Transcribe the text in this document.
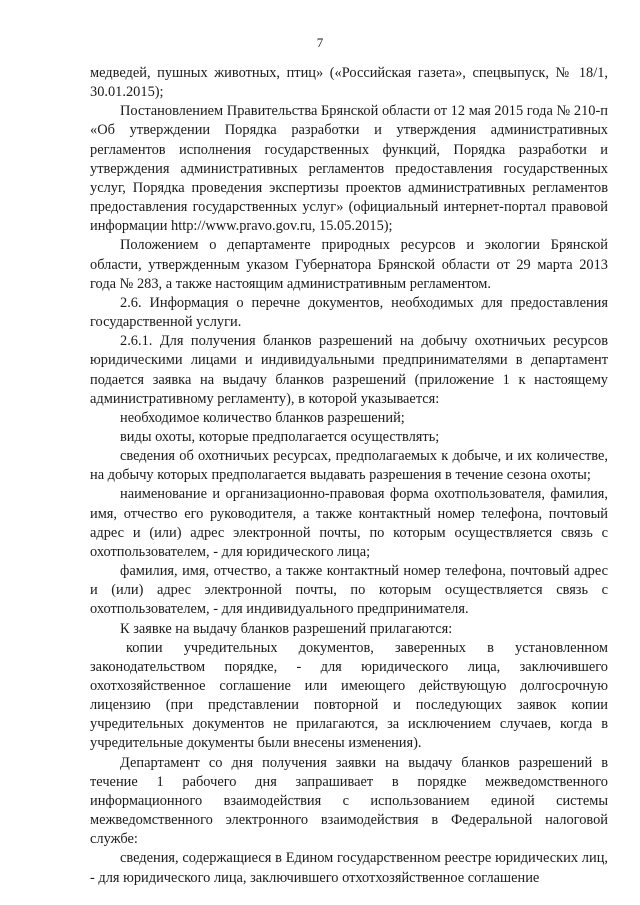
7

медведей, пушных животных, птиц» («Российская газета», спецвыпуск, № 18/1, 30.01.2015);

Постановлением Правительства Брянской области от 12 мая 2015 года № 210-п «Об утверждении Порядка разработки и утверждения административных регламентов исполнения государственных функций, Порядка разработки и утверждения административных регламентов предоставления государственных услуг, Порядка проведения экспертизы проектов административных регламентов предоставления государственных услуг» (официальный интернет-портал правовой информации http://www.pravo.gov.ru, 15.05.2015);

Положением о департаменте природных ресурсов и экологии Брянской области, утвержденным указом Губернатора Брянской области от 29 марта 2013 года № 283, а также настоящим административным регламентом.

2.6. Информация о перечне документов, необходимых для предоставления государственной услуги.

2.6.1. Для получения бланков разрешений на добычу охотничьих ресурсов юридическими лицами и индивидуальными предпринимателями в департамент подается заявка на выдачу бланков разрешений (приложение 1 к настоящему административному регламенту), в которой указывается:

необходимое количество бланков разрешений;

виды охоты, которые предполагается осуществлять;

сведения об охотничьих ресурсах, предполагаемых к добыче, и их количестве, на добычу которых предполагается выдавать разрешения в течение сезона охоты;

наименование и организационно-правовая форма охотпользователя, фамилия, имя, отчество его руководителя, а также контактный номер телефона, почтовый адрес и (или) адрес электронной почты, по которым осуществляется связь с охотпользователем, - для юридического лица;

фамилия, имя, отчество, а также контактный номер телефона, почтовый адрес и (или) адрес электронной почты, по которым осуществляется связь с охотпользователем, - для индивидуального предпринимателя.

К заявке на выдачу бланков разрешений прилагаются:

копии учредительных документов, заверенных в установленном законодательством порядке, - для юридического лица, заключившего охотхозяйственное соглашение или имеющего действующую долгосрочную лицензию (при представлении повторной и последующих заявок копии учредительных документов не прилагаются, за исключением случаев, когда в учредительные документы были внесены изменения).

Департамент со дня получения заявки на выдачу бланков разрешений в течение 1 рабочего дня запрашивает в порядке межведомственного информационного взаимодействия с использованием единой системы межведомственного электронного взаимодействия в Федеральной налоговой службе:

сведения, содержащиеся в Едином государственном реестре юридических лиц, - для юридического лица, заключившего отхотхозяйственное соглашение
